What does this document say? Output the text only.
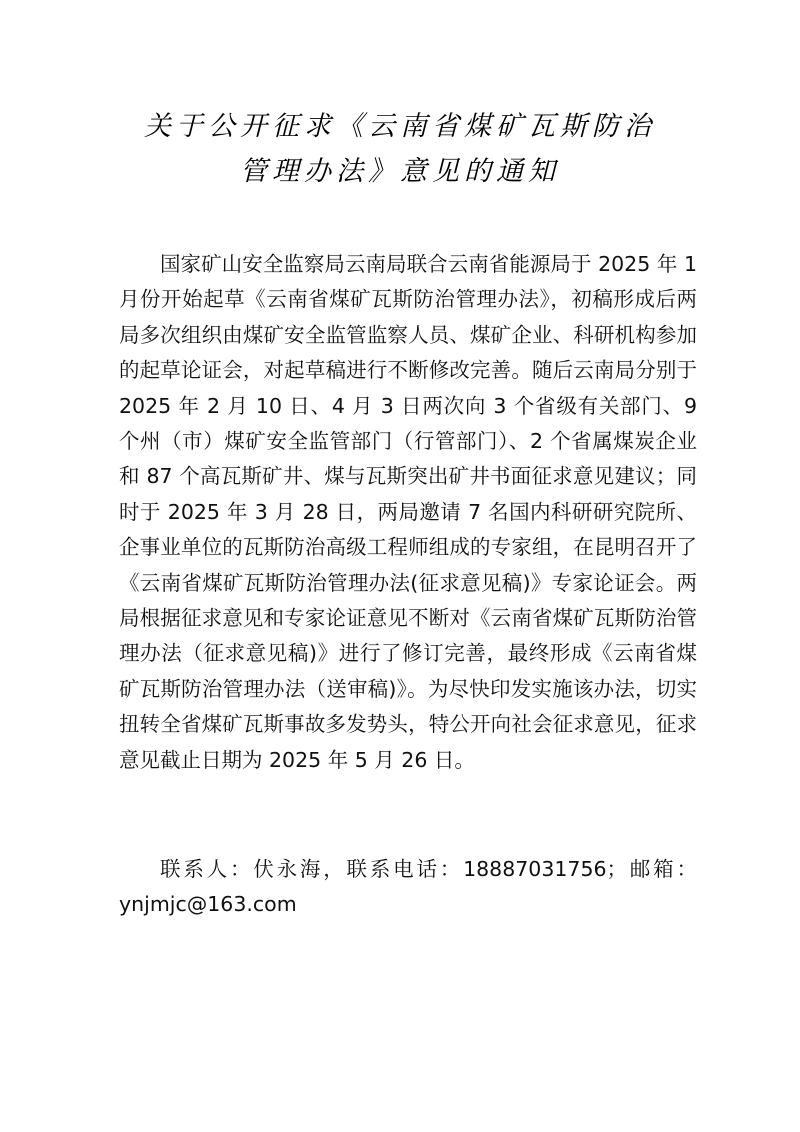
关于公开征求《云南省煤矿瓦斯防治
管理办法》意见的通知

国家矿山安全监察局云南局联合云南省能源局于 2025 年 1 月份开始起草《云南省煤矿瓦斯防治管理办法》，初稿形成后两局多次组织由煤矿安全监管监察人员、煤矿企业、科研机构参加的起草论证会，对起草稿进行不断修改完善。随后云南局分别于 2025 年 2 月 10 日、4 月 3 日两次向 3 个省级有关部门、9 个州（市）煤矿安全监管部门（行管部门）、2 个省属煤炭企业和 87 个高瓦斯矿井、煤与瓦斯突出矿井书面征求意见建议；同时于 2025 年 3 月 28 日，两局邀请 7 名国内科研研究院所、企事业单位的瓦斯防治高级工程师组成的专家组，在昆明召开了《云南省煤矿瓦斯防治管理办法(征求意见稿)》专家论证会。两局根据征求意见和专家论证意见不断对《云南省煤矿瓦斯防治管理办法（征求意见稿)》进行了修订完善，最终形成《云南省煤矿瓦斯防治管理办法（送审稿)》。为尽快印发实施该办法，切实扭转全省煤矿瓦斯事故多发势头，特公开向社会征求意见，征求意见截止日期为 2025 年 5 月 26 日。

联系人：伏永海，联系电话：18887031756；邮箱：ynjmjc@163.com
